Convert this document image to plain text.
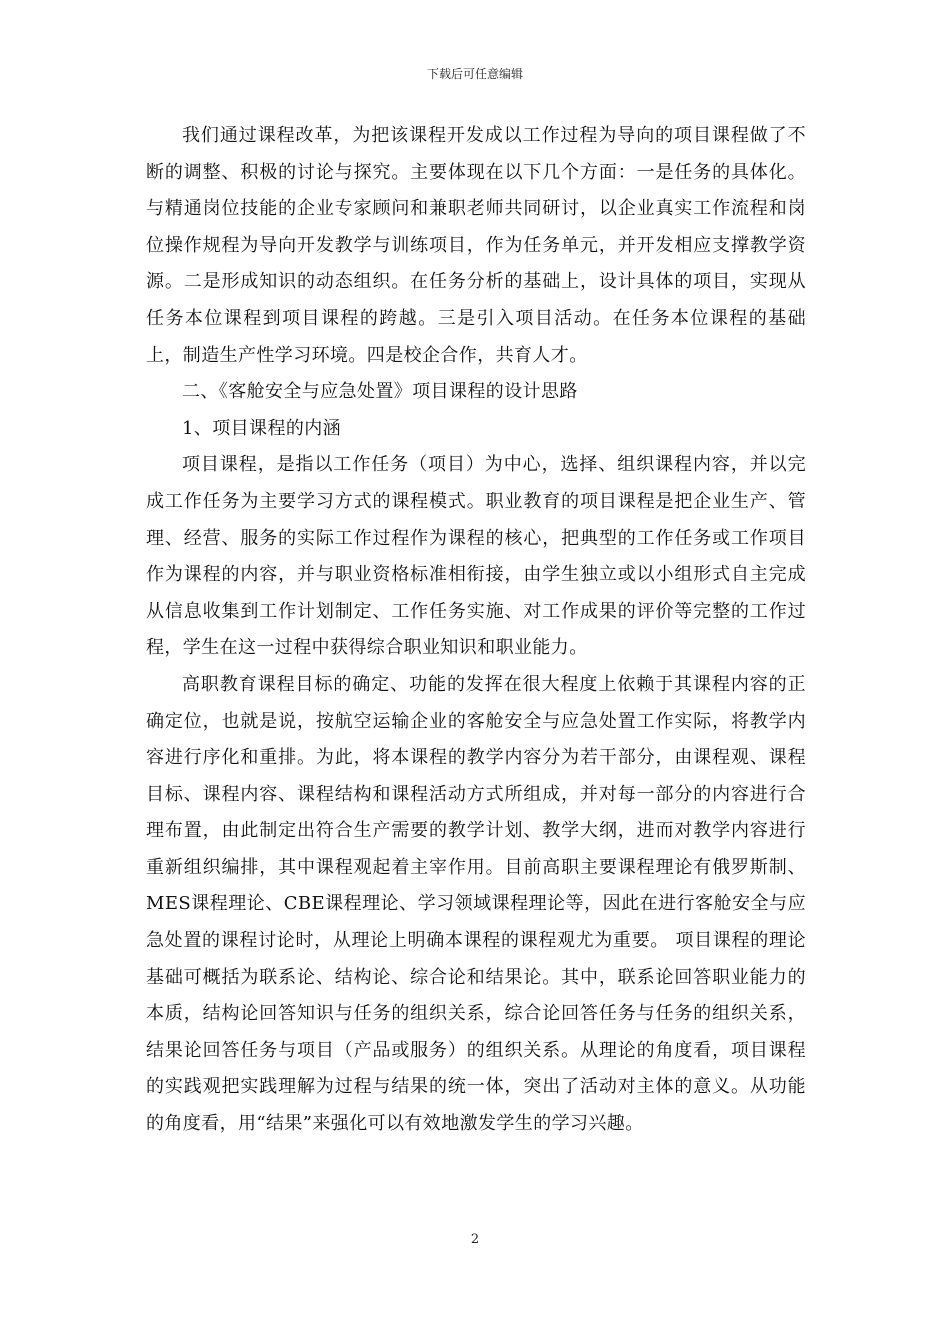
下载后可任意编辑

我们通过课程改革，为把该课程开发成以工作过程为导向的项目课程做了不断的调整、积极的讨论与探究。主要体现在以下几个方面：一是任务的具体化。与精通岗位技能的企业专家顾问和兼职老师共同研讨，以企业真实工作流程和岗位操作规程为导向开发教学与训练项目，作为任务单元，并开发相应支撑教学资源。二是形成知识的动态组织。在任务分析的基础上，设计具体的项目，实现从任务本位课程到项目课程的跨越。三是引入项目活动。在任务本位课程的基础上，制造生产性学习环境。四是校企合作，共育人才。

二、《客舱安全与应急处置》项目课程的设计思路

1、项目课程的内涵

项目课程，是指以工作任务（项目）为中心，选择、组织课程内容，并以完成工作任务为主要学习方式的课程模式。职业教育的项目课程是把企业生产、管理、经营、服务的实际工作过程作为课程的核心，把典型的工作任务或工作项目作为课程的内容，并与职业资格标准相衔接，由学生独立或以小组形式自主完成从信息收集到工作计划制定、工作任务实施、对工作成果的评价等完整的工作过程，学生在这一过程中获得综合职业知识和职业能力。

高职教育课程目标的确定、功能的发挥在很大程度上依赖于其课程内容的正确定位，也就是说，按航空运输企业的客舱安全与应急处置工作实际，将教学内容进行序化和重排。为此，将本课程的教学内容分为若干部分，由课程观、课程目标、课程内容、课程结构和课程活动方式所组成，并对每一部分的内容进行合理布置，由此制定出符合生产需要的教学计划、教学大纲，进而对教学内容进行重新组织编排，其中课程观起着主宰作用。目前高职主要课程理论有俄罗斯制、MES课程理论、CBE课程理论、学习领域课程理论等，因此在进行客舱安全与应急处置的课程讨论时，从理论上明确本课程的课程观尤为重要。 项目课程的理论基础可概括为联系论、结构论、综合论和结果论。其中，联系论回答职业能力的本质，结构论回答知识与任务的组织关系，综合论回答任务与任务的组织关系，结果论回答任务与项目（产品或服务）的组织关系。从理论的角度看，项目课程的实践观把实践理解为过程与结果的统一体，突出了活动对主体的意义。从功能的角度看，用“结果”来强化可以有效地激发学生的学习兴趣。

2
